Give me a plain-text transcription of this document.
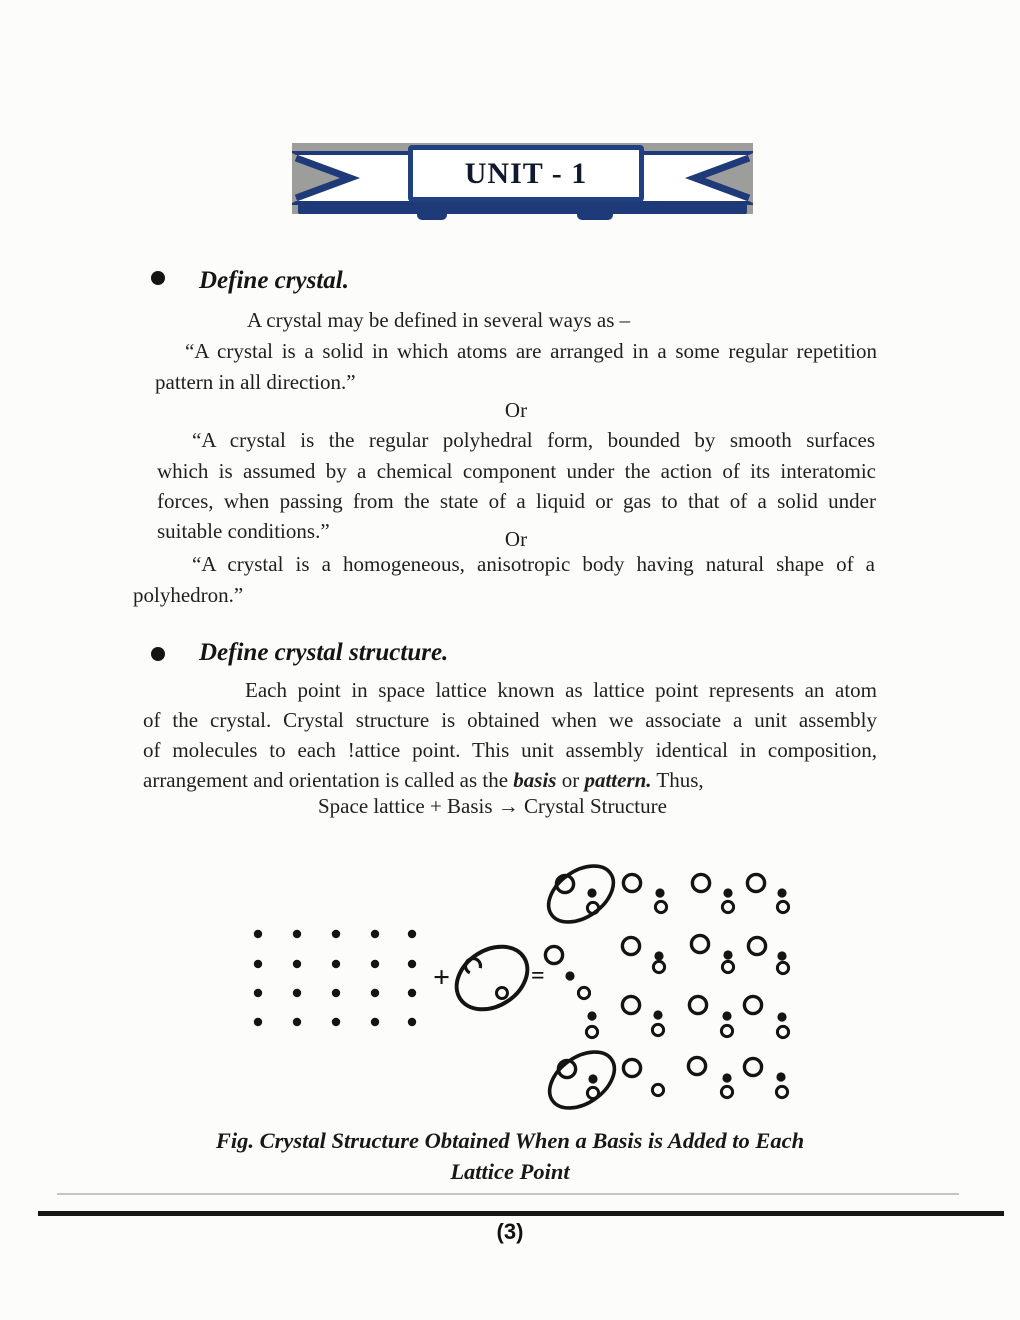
UNIT - 1
Define crystal.
A crystal may be defined in several ways as –
“A crystal is a solid in which atoms are arranged in a some regular repetition
pattern in all direction.”
Or
“A crystal is the regular polyhedral form, bounded by smooth surfaces
which is assumed by a chemical component under the action of its interatomic
forces, when passing from the state of a liquid or gas to that of a solid under
suitable conditions.”	Or
“A crystal is a homogeneous, anisotropic body having natural shape of a
polyhedron.”
Define crystal structure.
Each point in space lattice known as lattice point represents an atom
of the crystal. Crystal structure is obtained when we associate a unit assembly
of molecules to each !attice point. This unit assembly identical in composition,
arrangement and orientation is called as the basis or pattern. Thus,
Space lattice + Basis → Crystal Structure
Fig. Crystal Structure Obtained When a Basis is Added to Each
Lattice Point
+	=
(3)
